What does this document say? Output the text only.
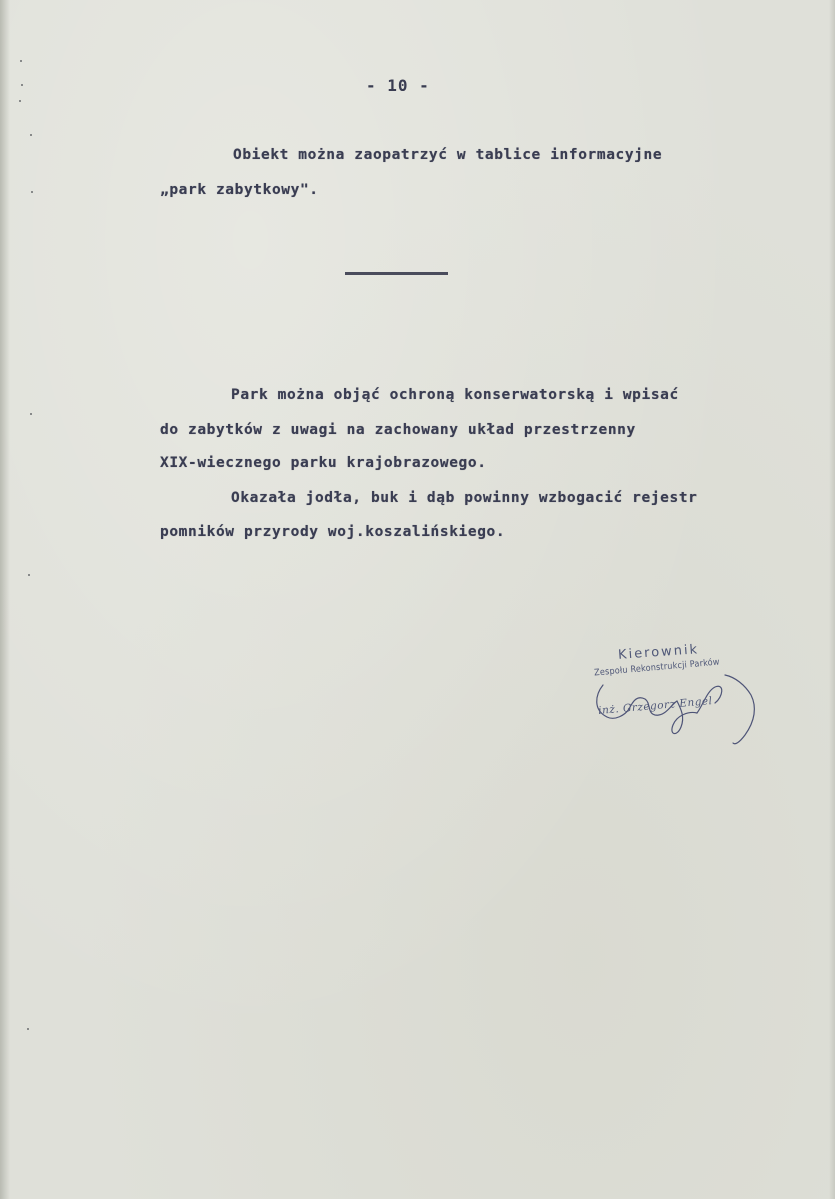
- 10 -
Obiekt można zaopatrzyć w tablice informacyjne
„park zabytkowy".
Park można objąć ochroną konserwatorską i wpisać
do zabytków z uwagi na zachowany układ przestrzenny
XIX-wiecznego parku krajobrazowego.
Okazała jodła, buk i dąb powinny wzbogacić rejestr
pomników przyrody woj.koszalińskiego.
Kierownik
Zespołu Rekonstrukcji Parków
inż. Grzegorz Engel
